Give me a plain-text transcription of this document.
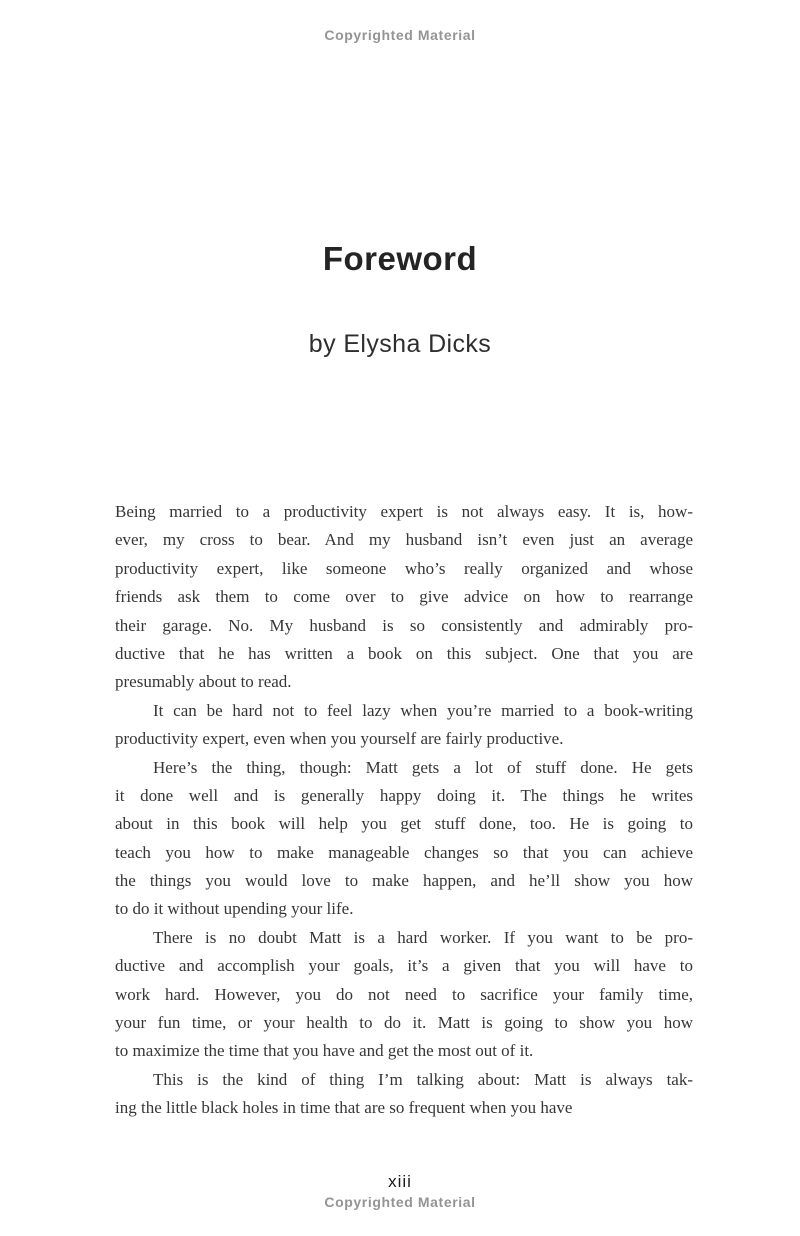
Copyrighted Material
Foreword
by Elysha Dicks
Being married to a productivity expert is not always easy. It is, how-
ever, my cross to bear. And my husband isn’t even just an average
productivity expert, like someone who’s really organized and whose
friends ask them to come over to give advice on how to rearrange
their garage. No. My husband is so consistently and admirably pro-
ductive that he has written a book on this subject. One that you are
presumably about to read.
It can be hard not to feel lazy when you’re married to a book-writing
productivity expert, even when you yourself are fairly productive.
Here’s the thing, though: Matt gets a lot of stuff done. He gets
it done well and is generally happy doing it. The things he writes
about in this book will help you get stuff done, too. He is going to
teach you how to make manageable changes so that you can achieve
the things you would love to make happen, and he’ll show you how
to do it without upending your life.
There is no doubt Matt is a hard worker. If you want to be pro-
ductive and accomplish your goals, it’s a given that you will have to
work hard. However, you do not need to sacrifice your family time,
your fun time, or your health to do it. Matt is going to show you how
to maximize the time that you have and get the most out of it.
This is the kind of thing I’m talking about: Matt is always tak-
ing the little black holes in time that are so frequent when you have
xiii
Copyrighted Material
